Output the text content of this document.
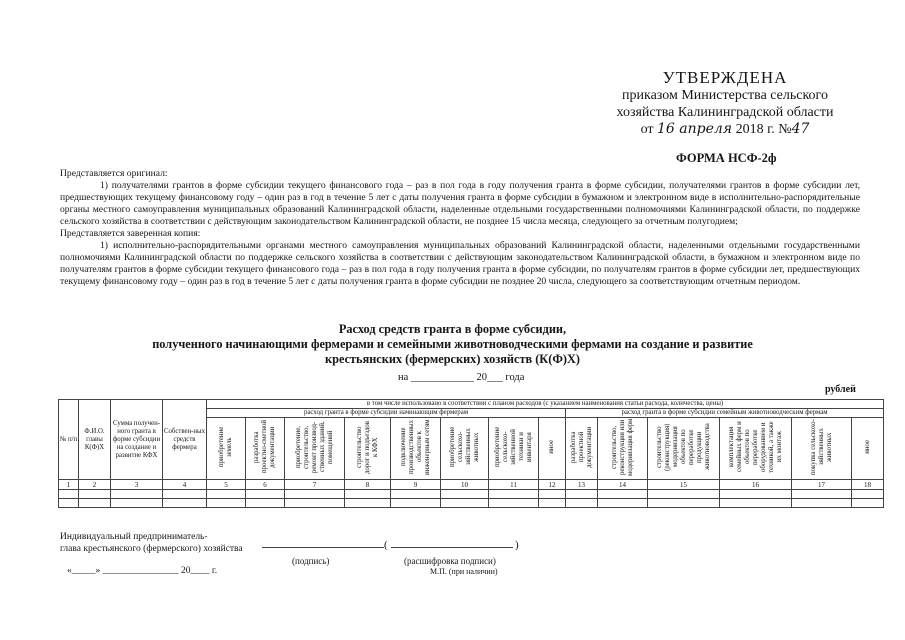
УТВЕРЖДЕНА
приказом Министерства сельского
хозяйства Калининградской области
от 16 апреля 2018 г. №47
ФОРМА НСФ-2ф

Представляется оригинал:

1) получателями грантов в форме субсидии текущего финансового года – раз в пол года в году получения гранта в форме субсидии, получателями грантов в форме субсидии лет, предшествующих текущему финансовому году – один раз в год в течение 5 лет с даты получения гранта в форме субсидии в бумажном и электронном виде в исполнительно-распорядительные органы местного самоуправления муниципальных образований Калининградской области, наделенные отдельными государственными полномочиями Калининградской области, по поддержке сельского хозяйства в соответствии с действующим законодательством Калининградской области, не позднее 15 числа месяца, следующего за отчетным полугодием;

Представляется заверенная копия:

1) исполнительно-распорядительными органами местного самоуправления муниципальных образований Калининградской области, наделенными отдельными государственными полномочиями Калининградской области по поддержке сельского хозяйства в соответствии с действующим законодательством Калининградской области, в бумажном и электронном виде по получателям грантов в форме субсидии текущего финансового года – раз в пол года в году получения гранта в форме субсидии, по получателям грантов в форме субсидии лет, предшествующих текущему финансовому году – один раз в год в течение 5 лет с даты получения гранта в форме субсидии не позднее 20 числа, следующего за соответствующим отчетным периодом.

Расход средств гранта в форме субсидии,
полученного начинающими фермерами и семейными животноводческими фермами на создание и развитие
крестьянских (фермерских) хозяйств (К(Ф)Х)
на ____________ 20___ года
рублей
№ п/п	Ф.И.О. главы К(Ф)Х	Сумма получен-ного гранта в форме субсидии на создание и развитие КФХ	Собствен-ных средств фермера	в том числе использовано в соответствии с планом расходов (с указанием наименования статьи расхода, количества, цены)													
				расход гранта в форме субсидии начинающим фермерам								расход гранта в форме субсидии семейным животноводческим фермам					
				приобретение земель	разработка проектно-сметной документации	приобретение, строительство, ремонт производ-ственных зданий, помещений	строительство дорог и подъездов к КФХ	подключение производственных объектов к инженерным сетям	приобретение сельскохо-зяйственных животных	приобретение сельскохо-зяйственной техники и инвентаря	иное	разработка проектной документации	строительство, реконструкция или модернизация ферм	строительство (реконструкция) модернизация объектов по переработке продукции животноводства	комплектация семейных ферм и объектов по переработке оборудованием и техникой, а также их монтаж	покупка сельскохо-зяйственных животных	иное
1	2	3	4	5	6	7	8	9	10	11	12	13	14	15	16	17	18

Индивидуальный предприниматель-
глава крестьянского (фермерского) хозяйства	(	)
(подпись)	(расшифровка подписи)
«_____» ________________ 20____ г.	М.П. (при наличии)
